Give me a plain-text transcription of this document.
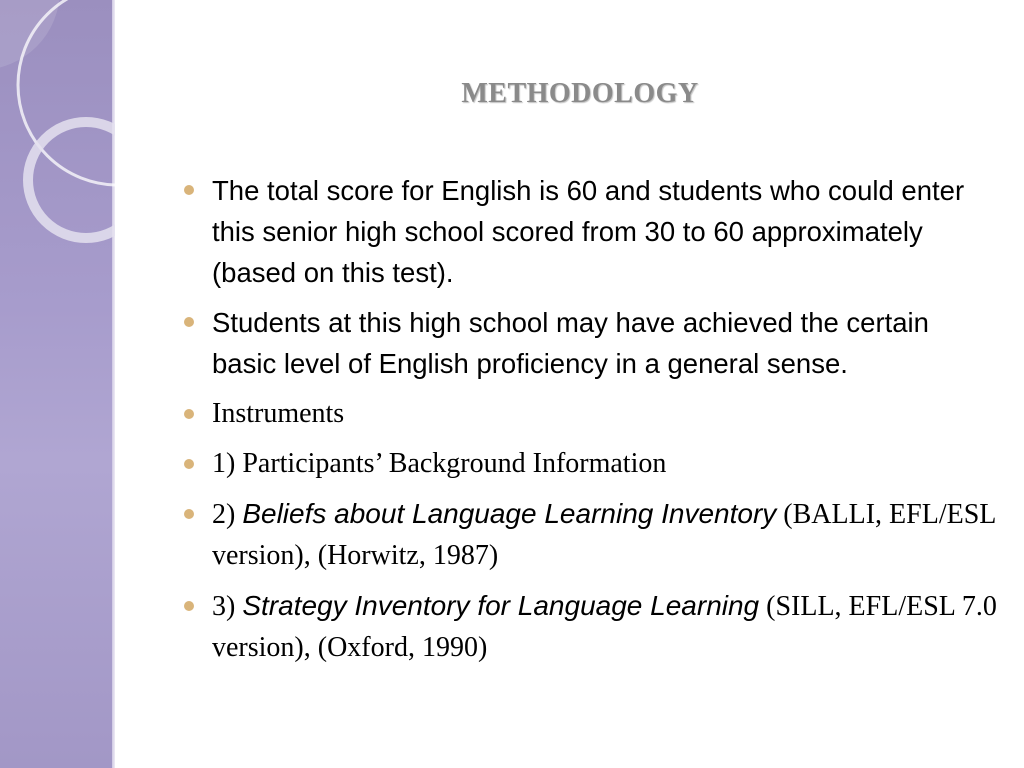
METHODOLOGY
The total score for English is 60 and students who could enter this senior high school scored from 30 to 60 approximately (based on this test).
Students at this high school may have achieved the certain basic level of English proficiency in a general sense.
Instruments
1) Participants’ Background Information
2) Beliefs about Language Learning Inventory (BALLI, EFL/ESL version), (Horwitz, 1987)
3) Strategy Inventory for Language Learning (SILL, EFL/ESL 7.0 version), (Oxford, 1990)
